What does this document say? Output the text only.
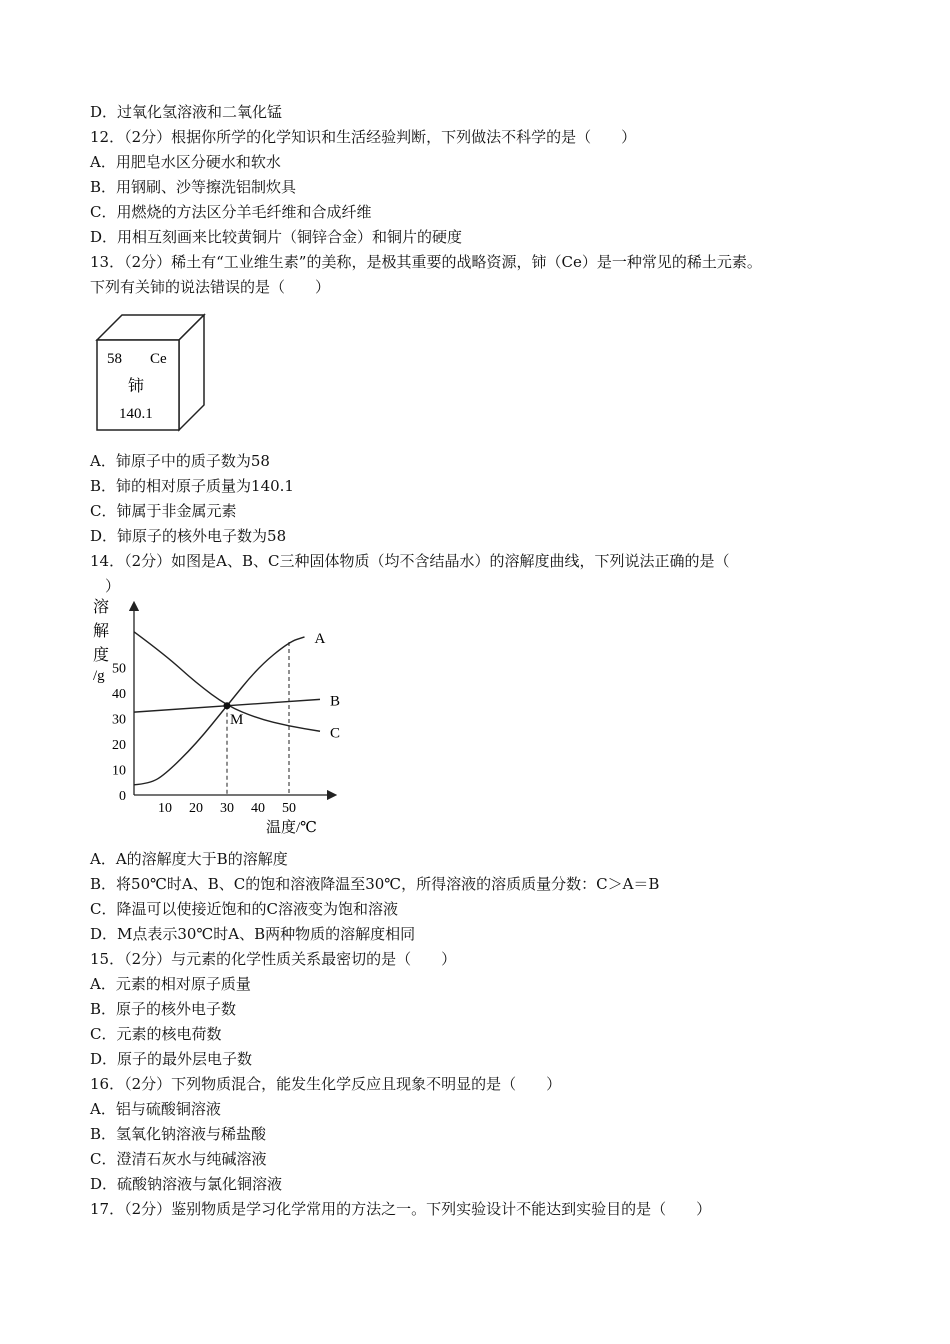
D．过氧化氢溶液和二氧化锰
12．（2分）根据你所学的化学知识和生活经验判断，下列做法不科学的是（　　）
A．用肥皂水区分硬水和软水
B．用钢刷、沙等擦洗铝制炊具
C．用燃烧的方法区分羊毛纤维和合成纤维
D．用相互刻画来比较黄铜片（铜锌合金）和铜片的硬度
13．（2分）稀土有“工业维生素”的美称，是极其重要的战略资源，铈（Ce）是一种常见的稀土元素。
下列有关铈的说法错误的是（　　）
58 Ce
铈
140.1
A．铈原子中的质子数为58
B．铈的相对原子质量为140.1
C．铈属于非金属元素
D．铈原子的核外电子数为58
14．（2分）如图是A、B、C三种固体物质（均不含结晶水）的溶解度曲线，下列说法正确的是（
　）
0
10
20
30
40
50
10 20 30 40 50
溶
解
度
/g
温度/℃
A
B
C
M
A．A的溶解度大于B的溶解度
B．将50℃时A、B、C的饱和溶液降温至30℃，所得溶液的溶质质量分数：C＞A＝B
C．降温可以使接近饱和的C溶液变为饱和溶液
D．M点表示30℃时A、B两种物质的溶解度相同
15．（2分）与元素的化学性质关系最密切的是（　　）
A．元素的相对原子质量
B．原子的核外电子数
C．元素的核电荷数
D．原子的最外层电子数
16．（2分）下列物质混合，能发生化学反应且现象不明显的是（　　）
A．铝与硫酸铜溶液
B．氢氧化钠溶液与稀盐酸
C．澄清石灰水与纯碱溶液
D．硫酸钠溶液与氯化铜溶液
17．（2分）鉴别物质是学习化学常用的方法之一。下列实验设计不能达到实验目的是（　　）
